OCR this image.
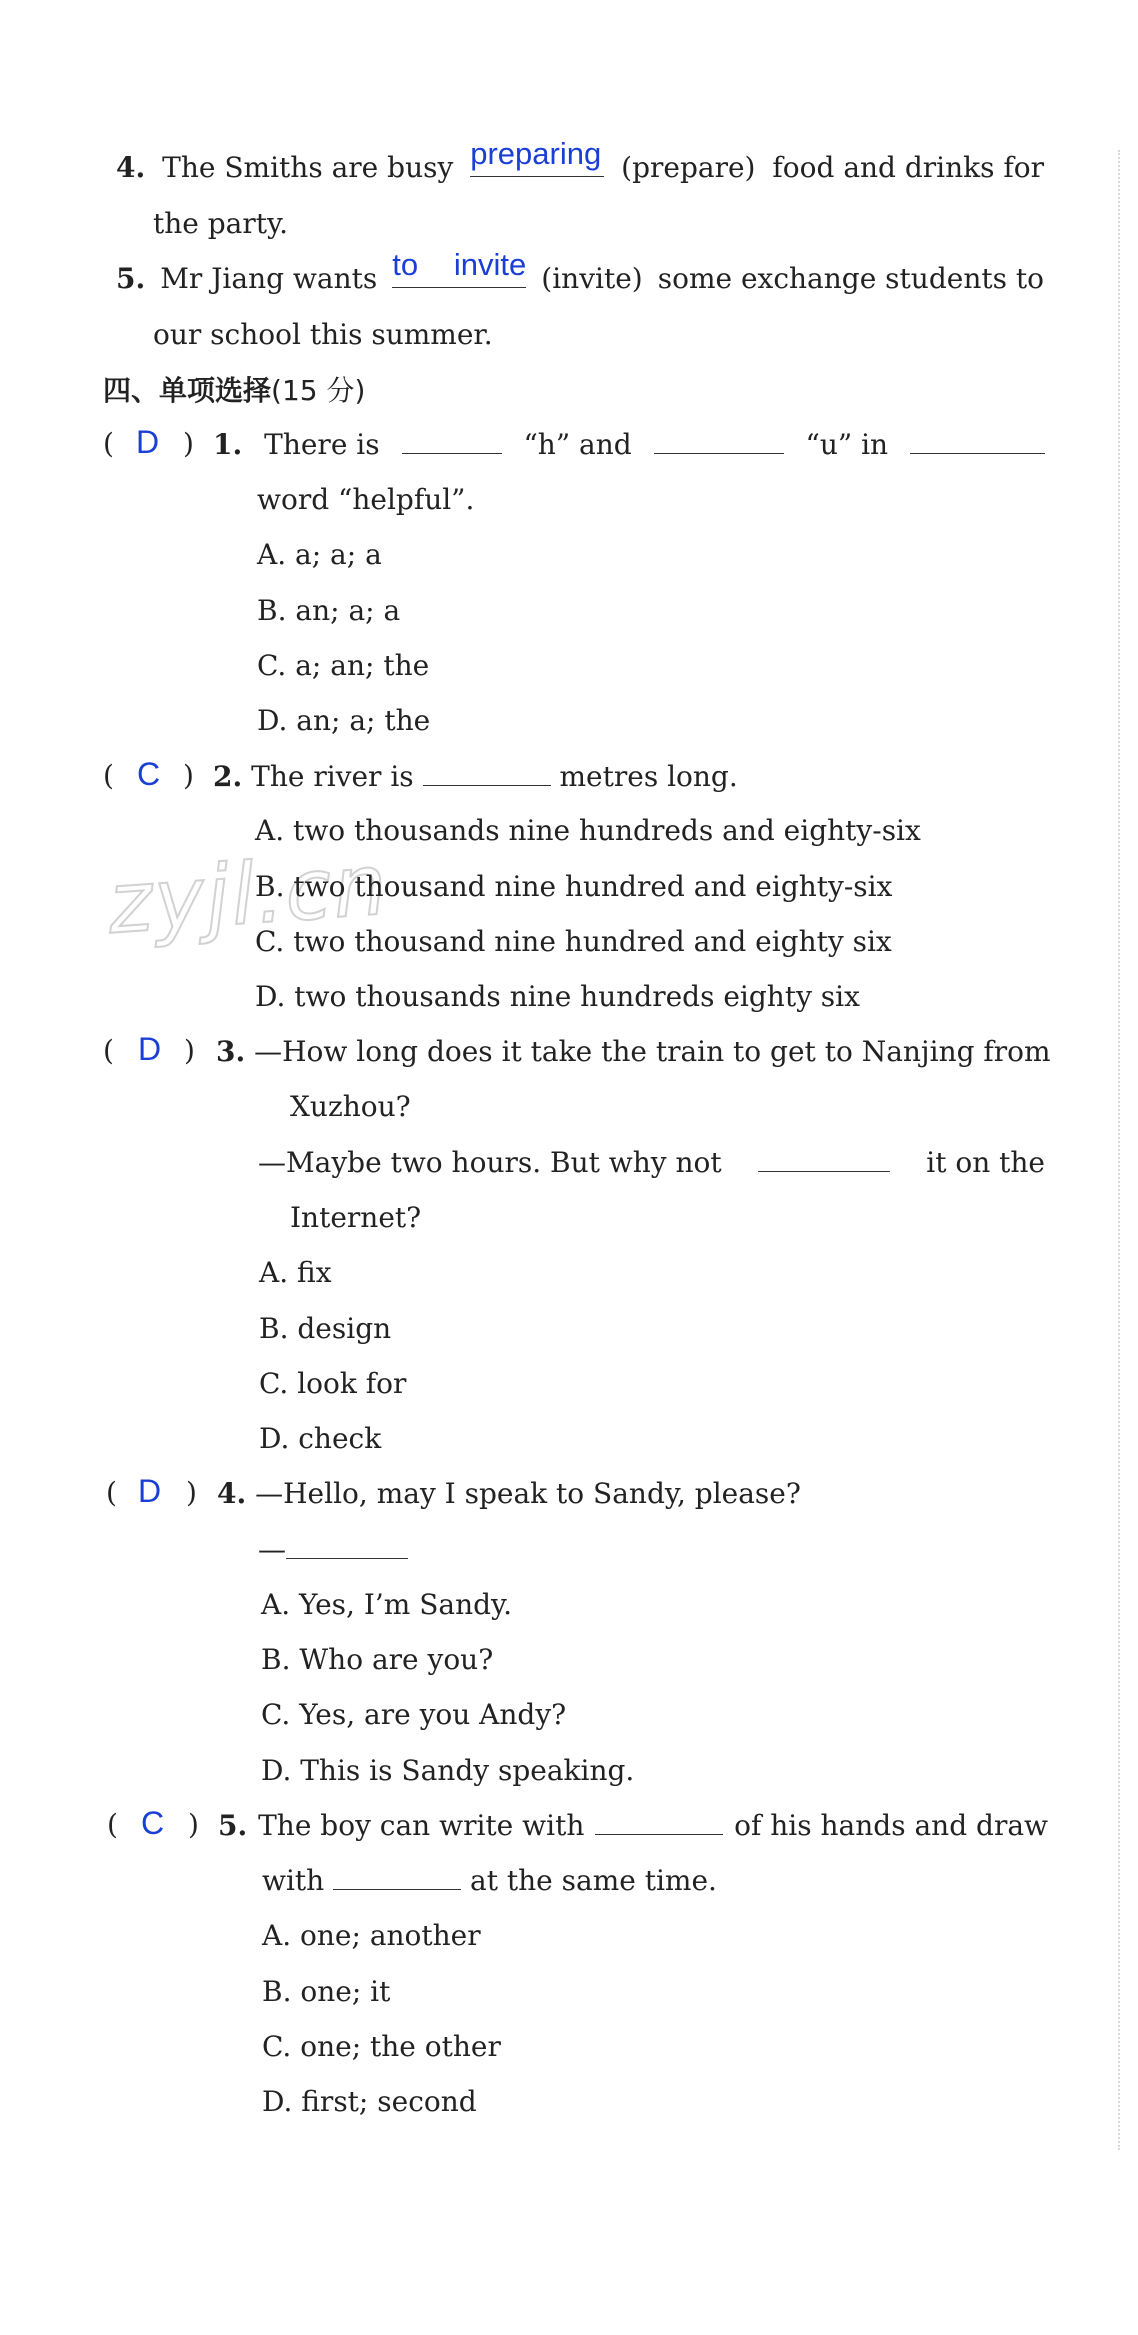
zyjl.cn
4. The Smiths are busy preparing (prepare) food and drinks for
the party.
5. Mr Jiang wants to invite (invite) some exchange students to
our school this summer.
四、单项选择(15 分)
( D ) 1. There is	“h” and	“u” in
word “helpful”.
A. a; a; a
B. an; a; a
C. a; an; the
D. an; a; the
( C ) 2. The river is	metres long.
A. two thousands nine hundreds and eighty-six
B. two thousand nine hundred and eighty-six
C. two thousand nine hundred and eighty six
D. two thousands nine hundreds eighty six
( D ) 3. —How long does it take the train to get to Nanjing from
Xuzhou?
—Maybe two hours. But why not	it on the
Internet?
A. fix
B. design
C. look for
D. check
( D ) 4. —Hello, may I speak to Sandy, please?
—
A. Yes, I’m Sandy.
B. Who are you?
C. Yes, are you Andy?
D. This is Sandy speaking.
( C ) 5. The boy can write with	of his hands and draw
with	at the same time.
A. one; another
B. one; it
C. one; the other
D. first; second
